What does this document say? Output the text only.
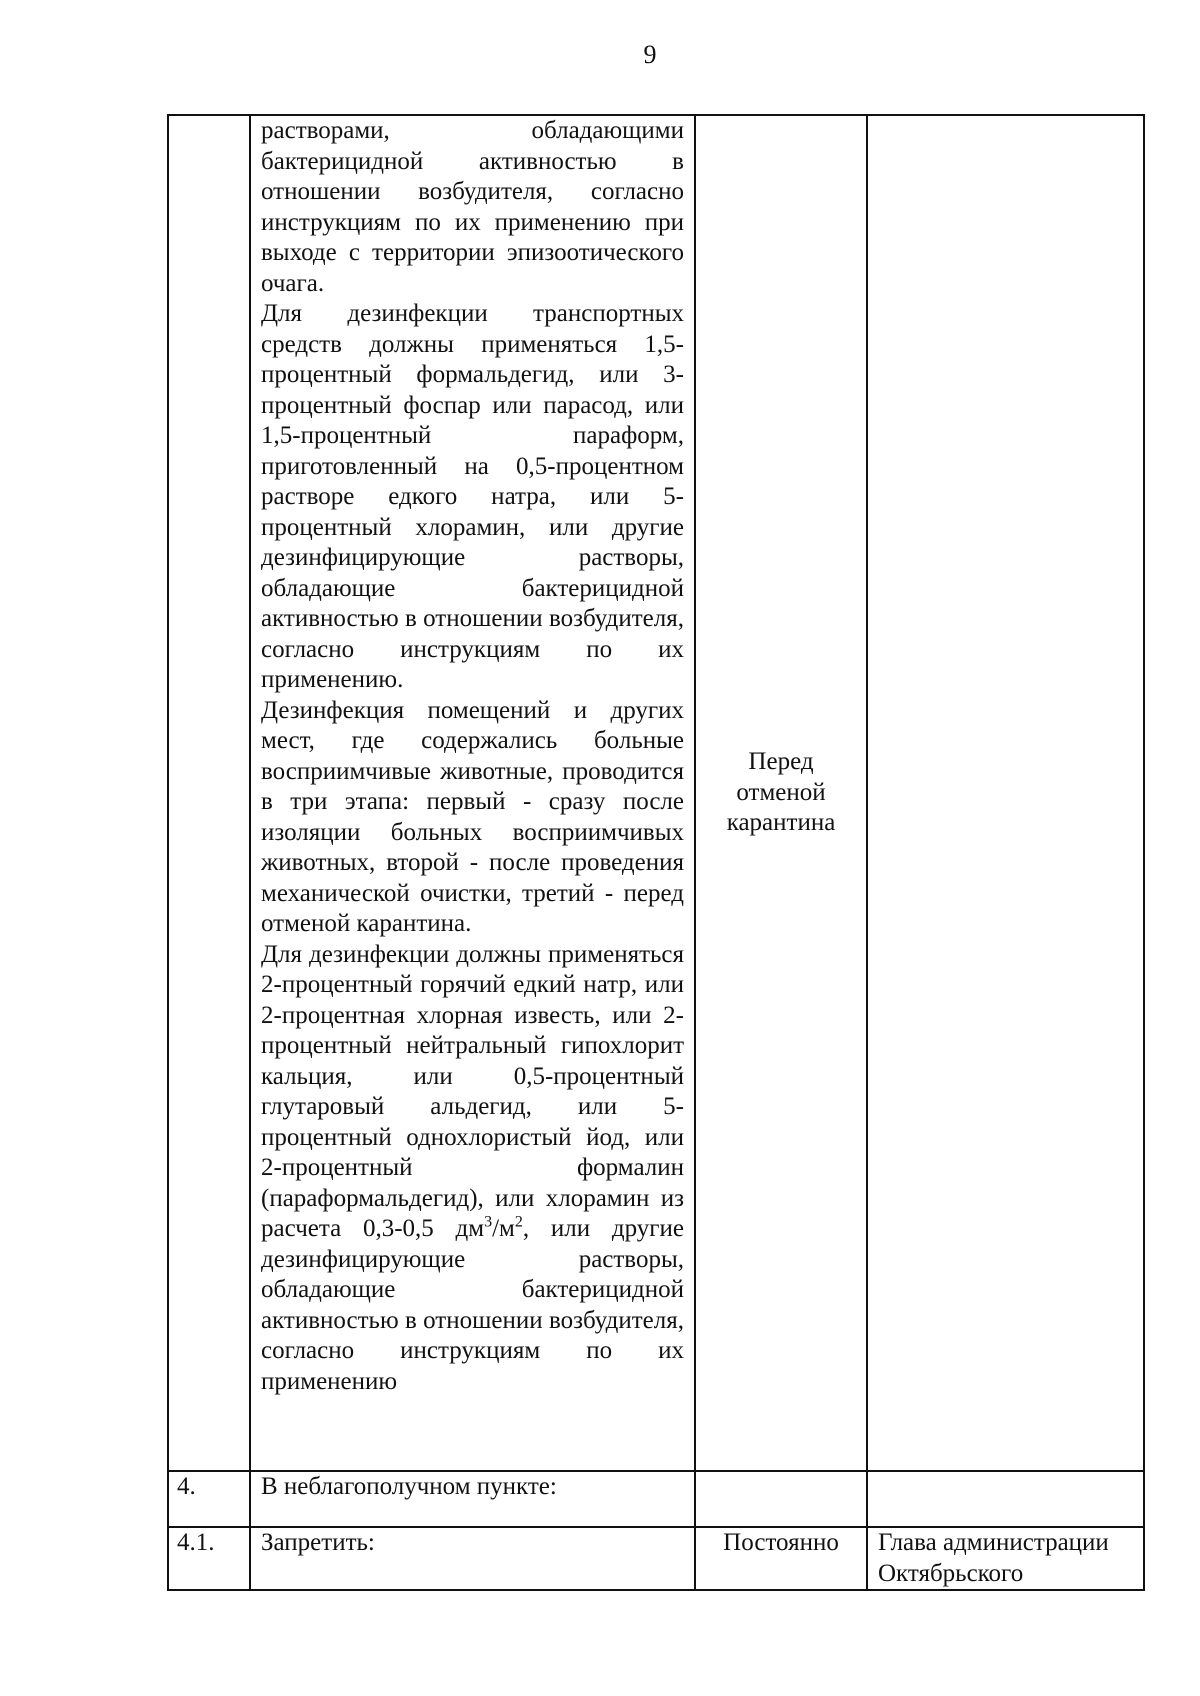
9

	растворами, обладающими бактерицидной активностью в отношении возбудителя, согласно инструкциям по их применению при выходе с территории эпизоотического очага.

Для дезинфекции транспортных средств должны применяться 1,5-процентный формальдегид, или 3-процентный фоспар или парасод, или 1,5-процентный параформ, приготовленный на 0,5-процентном растворе едкого натра, или 5-процентный хлорамин, или другие дезинфицирующие растворы, обладающие бактерицидной активностью в отношении возбудителя, согласно инструкциям по их применению.

Дезинфекция помещений и других мест, где содержались больные восприимчивые животные, проводится в три этапа: первый - сразу после изоляции больных восприимчивых животных, второй - после проведения механической очистки, третий - перед отменой карантина.

Для дезинфекции должны применяться 2-процентный горячий едкий натр, или 2-процентная хлорная известь, или 2-процентный нейтральный гипохлорит кальция, или 0,5-процентный глутаровый альдегид, или 5-процентный однохлористый йод, или 2-процентный формалин (параформальдегид), или хлорамин из расчета 0,3-0,5 $дм^3/м^2$, или другие дезинфицирующие растворы, обладающие бактерицидной активностью в отношении возбудителя, согласно инструкциям по их применению	Перед отменой карантина	
4.	В неблагополучном пункте:		
4.1.	Запретить:	Постоянно	Глава администрации Октябрьского
